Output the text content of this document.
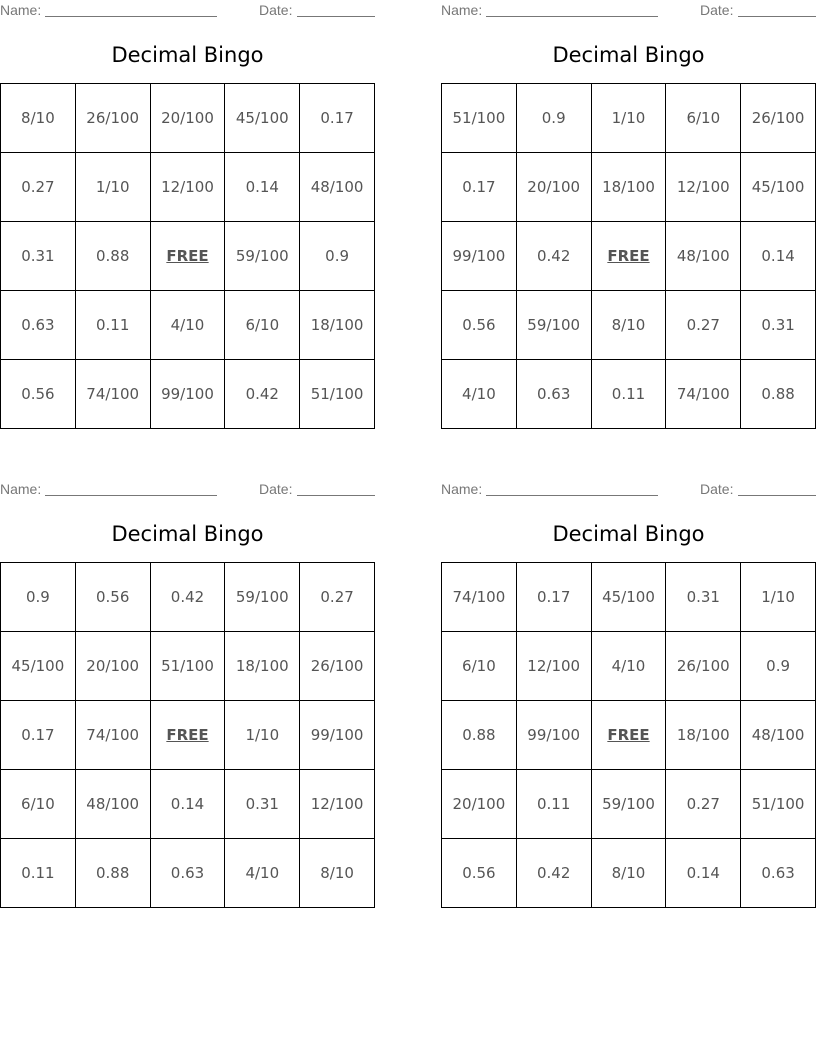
Name:	Date:
Decimal Bingo
8/10	26/100	20/100	45/100	0.17
0.27	1/10	12/100	0.14	48/100
0.31	0.88	FREE	59/100	0.9
0.63	0.11	4/10	6/10	18/100
0.56	74/100	99/100	0.42	51/100
Name:	Date:
Decimal Bingo
51/100	0.9	1/10	6/10	26/100
0.17	20/100	18/100	12/100	45/100
99/100	0.42	FREE	48/100	0.14
0.56	59/100	8/10	0.27	0.31
4/10	0.63	0.11	74/100	0.88
Name:	Date:
Decimal Bingo
0.9	0.56	0.42	59/100	0.27
45/100	20/100	51/100	18/100	26/100
0.17	74/100	FREE	1/10	99/100
6/10	48/100	0.14	0.31	12/100
0.11	0.88	0.63	4/10	8/10
Name:	Date:
Decimal Bingo
74/100	0.17	45/100	0.31	1/10
6/10	12/100	4/10	26/100	0.9
0.88	99/100	FREE	18/100	48/100
20/100	0.11	59/100	0.27	51/100
0.56	0.42	8/10	0.14	0.63
